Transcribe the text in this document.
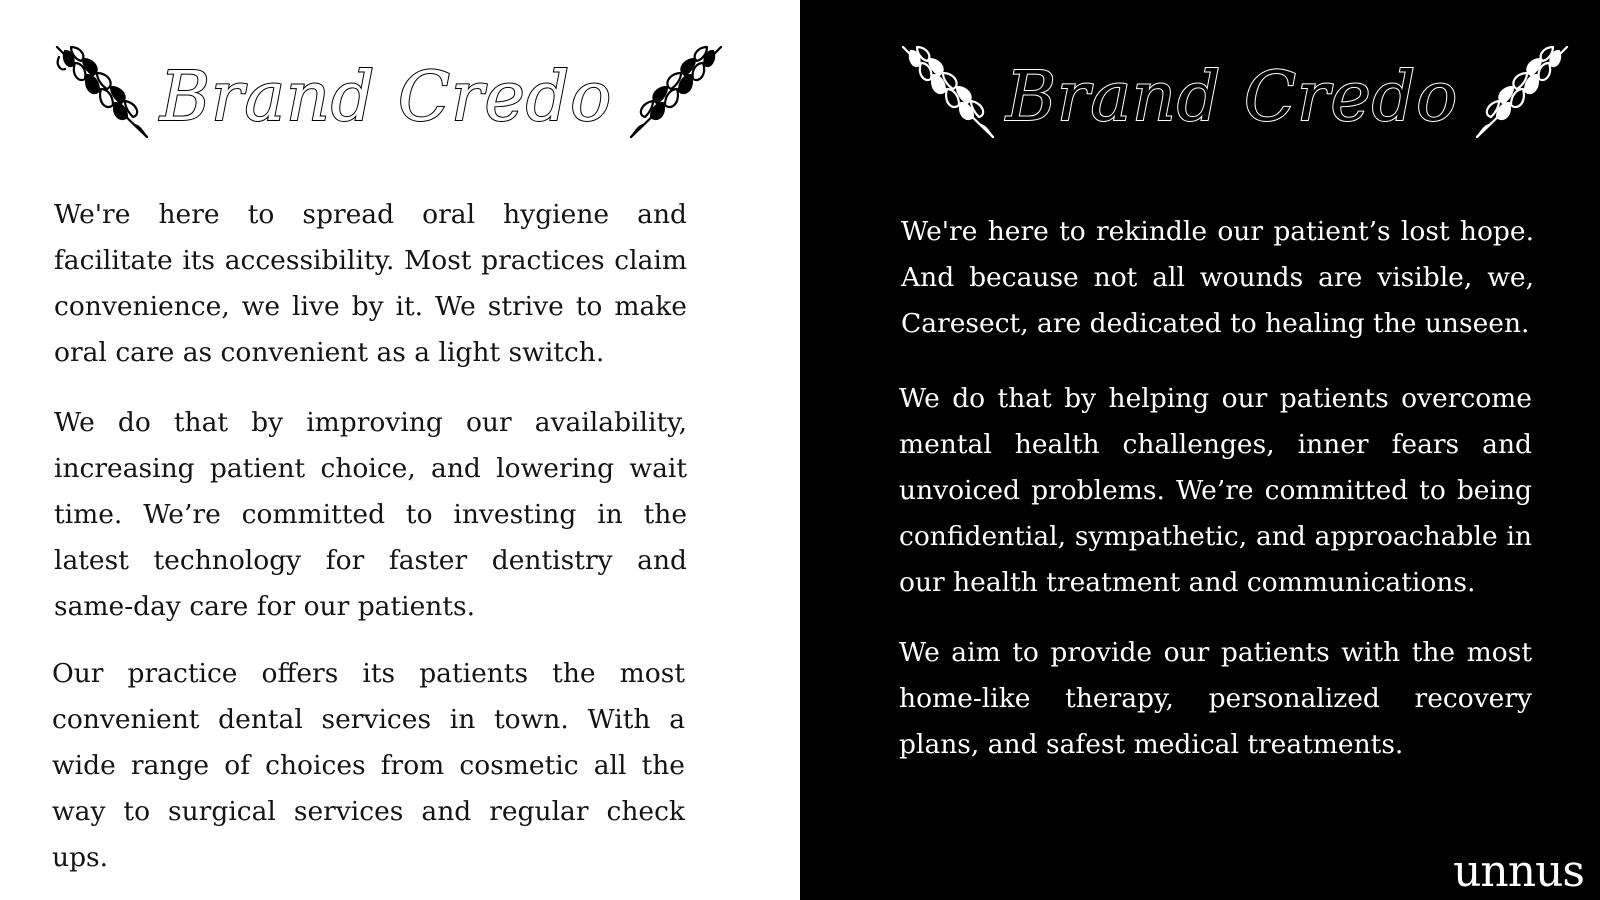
Brand Credo

We're here to spread oral hygiene and facilitate its accessibility. Most practices claim convenience, we live by it. We strive to make oral care as convenient as a light switch.

We do that by improving our availability, increasing patient choice, and lowering wait time. We’re committed to investing in the latest technology for faster dentistry and same-day care for our patients.

Our practice offers its patients the most convenient dental services in town. With a wide range of choices from cosmetic all the way to surgical services and regular check ups.

Brand Credo

We're here to rekindle our patient’s lost hope. And because not all wounds are visible, we, Caresect, are dedicated to healing the unseen.

We do that by helping our patients overcome mental health challenges, inner fears and unvoiced problems. We’re committed to being confidential, sympathetic, and approachable in our health treatment and communications.

We aim to provide our patients with the most home-like therapy, personalized recovery plans, and safest medical treatments.

unnus
